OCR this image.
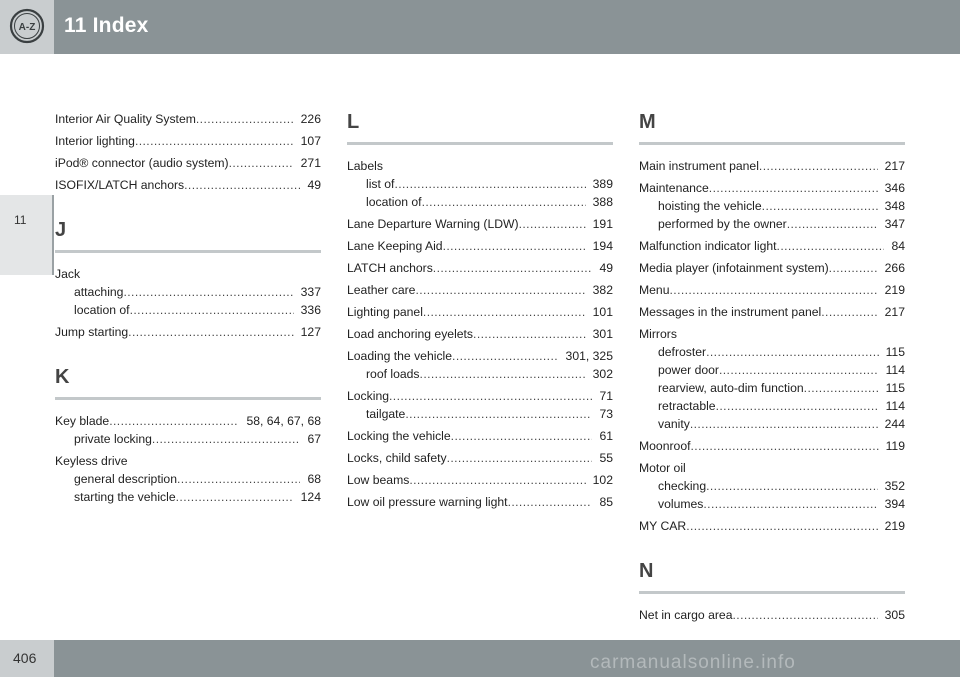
A-Z 11 Index
11
Interior Air Quality System .....	226
Interior lighting .....	107
iPod® connector (audio system) .....	271
ISOFIX/LATCH anchors .....	49
J
Jack
attaching .....	337
location of .....	336
Jump starting .....	127
K
Key blade .....	58, 64, 67, 68
private locking .....	67
Keyless drive
general description .....	68
starting the vehicle .....	124
L
Labels
list of .....	389
location of .....	388
Lane Departure Warning (LDW) .....	191
Lane Keeping Aid .....	194
LATCH anchors .....	49
Leather care .....	382
Lighting panel .....	101
Load anchoring eyelets .....	301
Loading the vehicle .....	301, 325
roof loads .....	302
Locking .....	71
tailgate .....	73
Locking the vehicle .....	61
Locks, child safety .....	55
Low beams .....	102
Low oil pressure warning light .....	85
M
Main instrument panel .....	217
Maintenance .....	346
hoisting the vehicle .....	348
performed by the owner .....	347
Malfunction indicator light .....	84
Media player (infotainment system) .....	266
Menu .....	219
Messages in the instrument panel .....	217
Mirrors
defroster .....	115
power door .....	114
rearview, auto-dim function .....	115
retractable .....	114
vanity .....	244
Moonroof .....	119
Motor oil
checking .....	352
volumes .....	394
MY CAR .....	219
N
Net in cargo area .....	305
406	carmanualsonline.info
